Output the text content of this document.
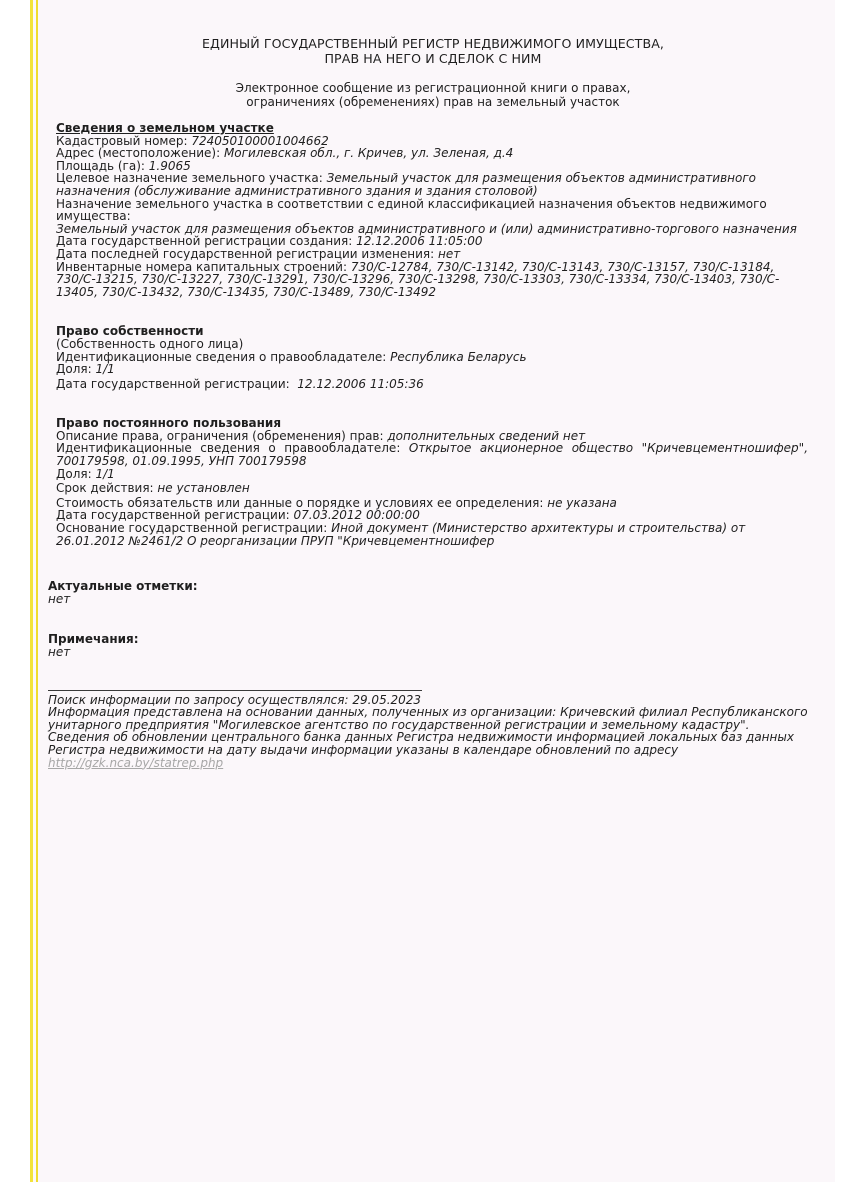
ЕДИНЫЙ ГОСУДАРСТВЕННЫЙ РЕГИСТР НЕДВИЖИМОГО ИМУЩЕСТВА,
ПРАВ НА НЕГО И СДЕЛОК С НИМ
Электронное сообщение из регистрационной книги о правах,
ограничениях (обременениях) прав на земельный участок
Сведения о земельном участке
Кадастровый номер: 724050100001004662
Адрес (местоположение): Могилевская обл., г. Кричев, ул. Зеленая, д.4
Площадь (га): 1.9065
Целевое назначение земельного участка: Земельный участок для размещения объектов административного назначения (обслуживание административного здания и здания столовой)
Назначение земельного участка в соответствии с единой классификацией назначения объектов недвижимого имущества:
Земельный участок для размещения объектов административного и (или) административно-торгового назначения
Дата государственной регистрации создания: 12.12.2006 11:05:00
Дата последней государственной регистрации изменения: нет
Инвентарные номера капитальных строений: 730/C-12784, 730/C-13142, 730/C-13143, 730/C-13157, 730/C-13184, 730/C-13215, 730/C-13227, 730/C-13291, 730/C-13296, 730/C-13298, 730/C-13303, 730/C-13334, 730/C-13403, 730/C-13405, 730/C-13432, 730/C-13435, 730/C-13489, 730/C-13492
Право собственности
(Собственность одного лица)
Идентификационные сведения о правообладателе: Республика Беларусь
Доля: 1/1
Дата государственной регистрации:  12.12.2006 11:05:36
Право постоянного пользования
Описание права, ограничения (обременения) прав: дополнительных сведений нет
Идентификационные сведения о правообладателе: Открытое акционерное общество "Кричевцементношифер", 700179598, 01.09.1995, УНП 700179598
Доля: 1/1
Срок действия: не установлен
Стоимость обязательств или данные о порядке и условиях ее определения: не указана
Дата государственной регистрации: 07.03.2012 00:00:00
Основание государственной регистрации: Иной документ (Министерство архитектуры и строительства) от 26.01.2012 №2461/2 О реорганизации ПРУП "Кричевцементношифер
Актуальные отметки:
нет
Примечания:
нет
Поиск информации по запросу осуществлялся: 29.05.2023
Информация представлена на основании данных, полученных из организации: Кричевский филиал Республиканского унитарного предприятия "Могилевское агентство по государственной регистрации и земельному кадастру".
Сведения об обновлении центрального банка данных Регистра недвижимости информацией локальных баз данных Регистра недвижимости на дату выдачи информации указаны в календаре обновлений по адресу
http://gzk.nca.by/statrep.php
